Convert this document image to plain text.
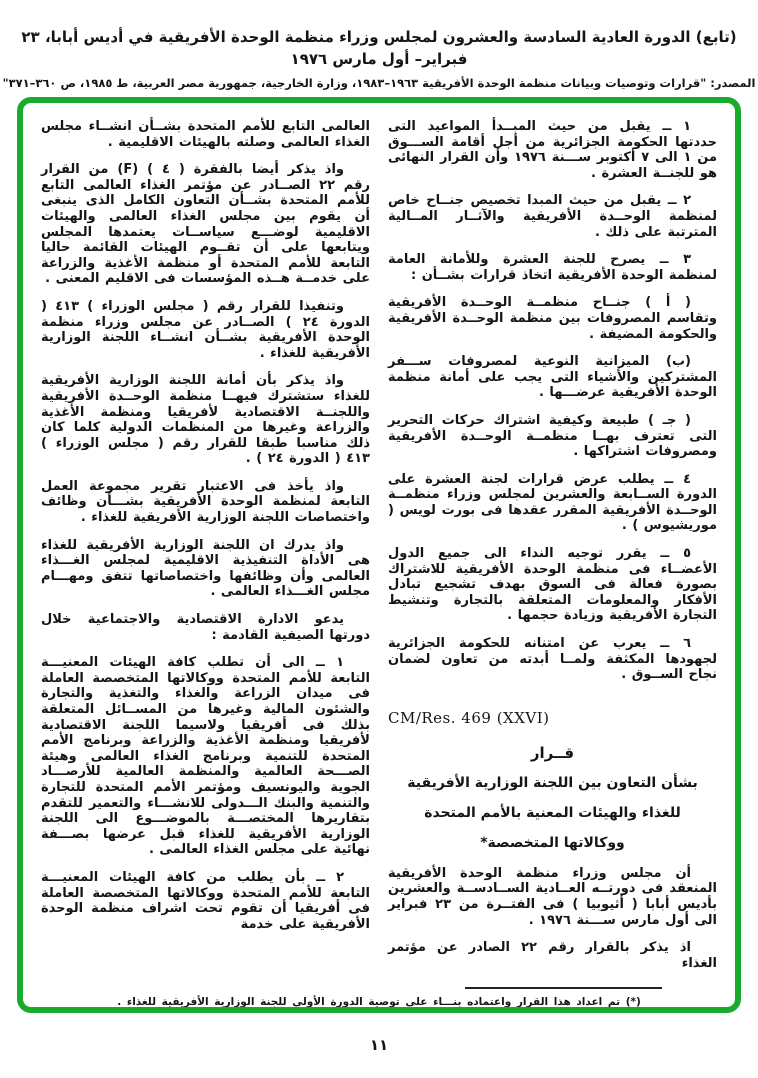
(تابع) الدورة العادية السادسة والعشرون لمجلس وزراء منظمة الوحدة الأفريقية في أديس أبابا، ٢٣ فبراير– أول مارس ١٩٧٦
المصدر: "قرارات وتوصيات وبيانات منظمة الوحدة الأفريقية ١٩٦٣–١٩٨٣، وزارة الخارجية، جمهورية مصر العربية، ط ١٩٨٥، ص ٣٦٠–٣٧١"

١ ــ يقبل من حيث المبــدأ المواعيد التى حددتها الحكومة الجزائرية من أجل أقامة الســـوق من ١ الى ٧ أكتوبر ســـنة ١٩٧٦ وأن القرار النهائى هو للجنــة العشرة .

٢ ــ يقبل من حيث المبدا تخصيص جنــاح خاص لمنظمة الوحــدة الأفريقية والآثــار المــالية المترتبة على ذلك .

٣ ــ يصرح للجنة العشرة وللأمانة العامة لمنظمة الوحدة الأفريقية اتخاذ قرارات بشــأن :

( أ ) جنــاح منظمــة الوحــدة الأفريقية وتقاسم المصروفات بين منظمة الوحــدة الأفريقية والحكومة المضيفة .

(ب) الميزانية النوعية لمصروفات ســـفر المشتركين والأشياء التى يجب على أمانة منظمة الوحدة الأفريقية عرضـــها .

( جـ ) طبيعة وكيفية اشتراك حركات التحرير التى تعترف بهــا منظمــة الوحــدة الأفريقية ومصروفات اشتراكها .

٤ ــ يطلب عرض قرارات لجنة العشرة على الدورة الســابعة والعشرين لمجلس وزراء منظمــة الوحــدة الأفريقية المقرر عقدها فى بورت لويس ( موريشيوس ) .

٥ ــ يقرر توجيه النداء الى جميع الدول الأعضــاء فى منظمة الوحدة الأفريقية للاشتراك بصورة فعالة فى السوق بهدف تشجيع تبادل الأفكار والمعلومات المتعلقة بالتجارة وتنشيط التجارة الأفريقية وزيادة حجمها .

٦ ــ يعرب عن امتنانه للحكومة الجزائرية لجهودها المكثفة ولمــا أبدته من تعاون لضمان نجاح الســوق .

CM/Res. 469 (XXVI)
قــرار
بشأن التعاون بين اللجنة الوزارية الأفريقية
للغذاء والهيئات المعنية بالأمم المتحدة
ووكالاتها المتخصصة*

أن مجلس وزراء منظمة الوحدة الأفريقية المنعقد فى دورتــه العــادية الســادســة والعشرين بأديس أبابا ( أثيوبيا ) فى الفتــرة من ٢٣ فبراير الى أول مارس ســـنة ١٩٧٦ .

اذ يذكر بالقرار رقم ٢٢ الصادر عن مؤتمر الغذاء

العالمى التابع للأمم المتحدة بشــأن انشــاء مجلس الغذاء العالمى وصلته بالهيئات الاقليمية .

واذ يذكر أيضا بالفقرة ( ٤ ) (F) من القرار رقم ٢٢ الصــادر عن مؤتمر الغذاء العالمى التابع للأمم المتحدة بشــأن التعاون الكامل الذى ينبغى أن يقوم بين مجلس الغذاء العالمى والهيئات الاقليمية لوضـــع سياســات يعتمدها المجلس ويتابعها على أن تقــوم الهيئات القائمة حاليا التابعة للأمم المتحدة أو منظمة الأغذية والزراعة على خدمــة هــذه المؤسسات فى الاقليم المعنى .

وتنفيذا للقرار رقم ( مجلس الوزراء ) ٤١٣ ( الدورة ٢٤ ) الصــادر عن مجلس وزراء منظمة الوحدة الأفريقية بشــأن انشــاء اللجنة الوزارية الأفريقية للغذاء .

واذ يذكر بأن أمانة اللجنة الوزارية الأفريقية للغذاء ستشترك فيهــا منظمة الوحــدة الأفريقية واللجنــة الاقتصادية لأفريقيا ومنظمة الأغذية والزراعة وغيرها من المنظمات الدولية كلما كان ذلك مناسبا طبقا للقرار رقم ( مجلس الوزراء ) ٤١٣ ( الدورة ٢٤ ) .

واذ يأخذ فى الاعتبار تقرير مجموعة العمل التابعة لمنظمة الوحدة الأفريقية بشـــأن وظائف واختصاصات اللجنة الوزارية الأفريقية للغذاء .

واذ يدرك ان اللجنة الوزارية الأفريقية للغذاء هى الأداة التنفيذية الاقليمية لمجلس الغـــذاء العالمى وأن وظائفها واختصاصاتها تتفق ومهـــام مجلس الغـــذاء العالمى .

يدعو الادارة الاقتصادية والاجتماعية خلال دورتها الصيفية القادمة :

١ ــ الى أن تطلب كافة الهيئات المعنيـــة التابعة للأمم المتحدة ووكالاتها المتخصصة العاملة فى ميدان الزراعة والغذاء والتغذية والتجارة والشئون المالية وغيرها من المســائل المتعلقة بذلك فى أفريقيا ولاسيما اللجنة الاقتصادية لأفريقيا ومنظمة الأغذية والزراعة وبرنامج الأمم المتحدة للتنمية وبرنامج الغذاء العالمى وهيئة الصـــحة العالمية والمنظمة العالمية للأرصـــاد الجوية واليونسيف ومؤتمر الأمم المتحدة للتجارة والتنمية والبنك الـــدولى للانشـــاء والتعمير للتقدم بتقاريرها المختصـــة بالموضـــوع الى اللجنة الوزارية الأفريقية للغذاء قبل عرضها بصـــفة نهائية على مجلس الغذاء العالمى .

٢ ــ بأن يطلب من كافة الهيئات المعنيـــة التابعة للأمم المتحدة ووكالاتها المتخصصة العاملة فى أفريقيا أن تقوم تحت اشراف منظمة الوحدة الأفريقية على خدمة

(*) تم اعداد هذا القرار واعتماده بنـــاء على توصية الدورة الأولى للجنة الوزارية الأفريقية للغذاء .
١١
